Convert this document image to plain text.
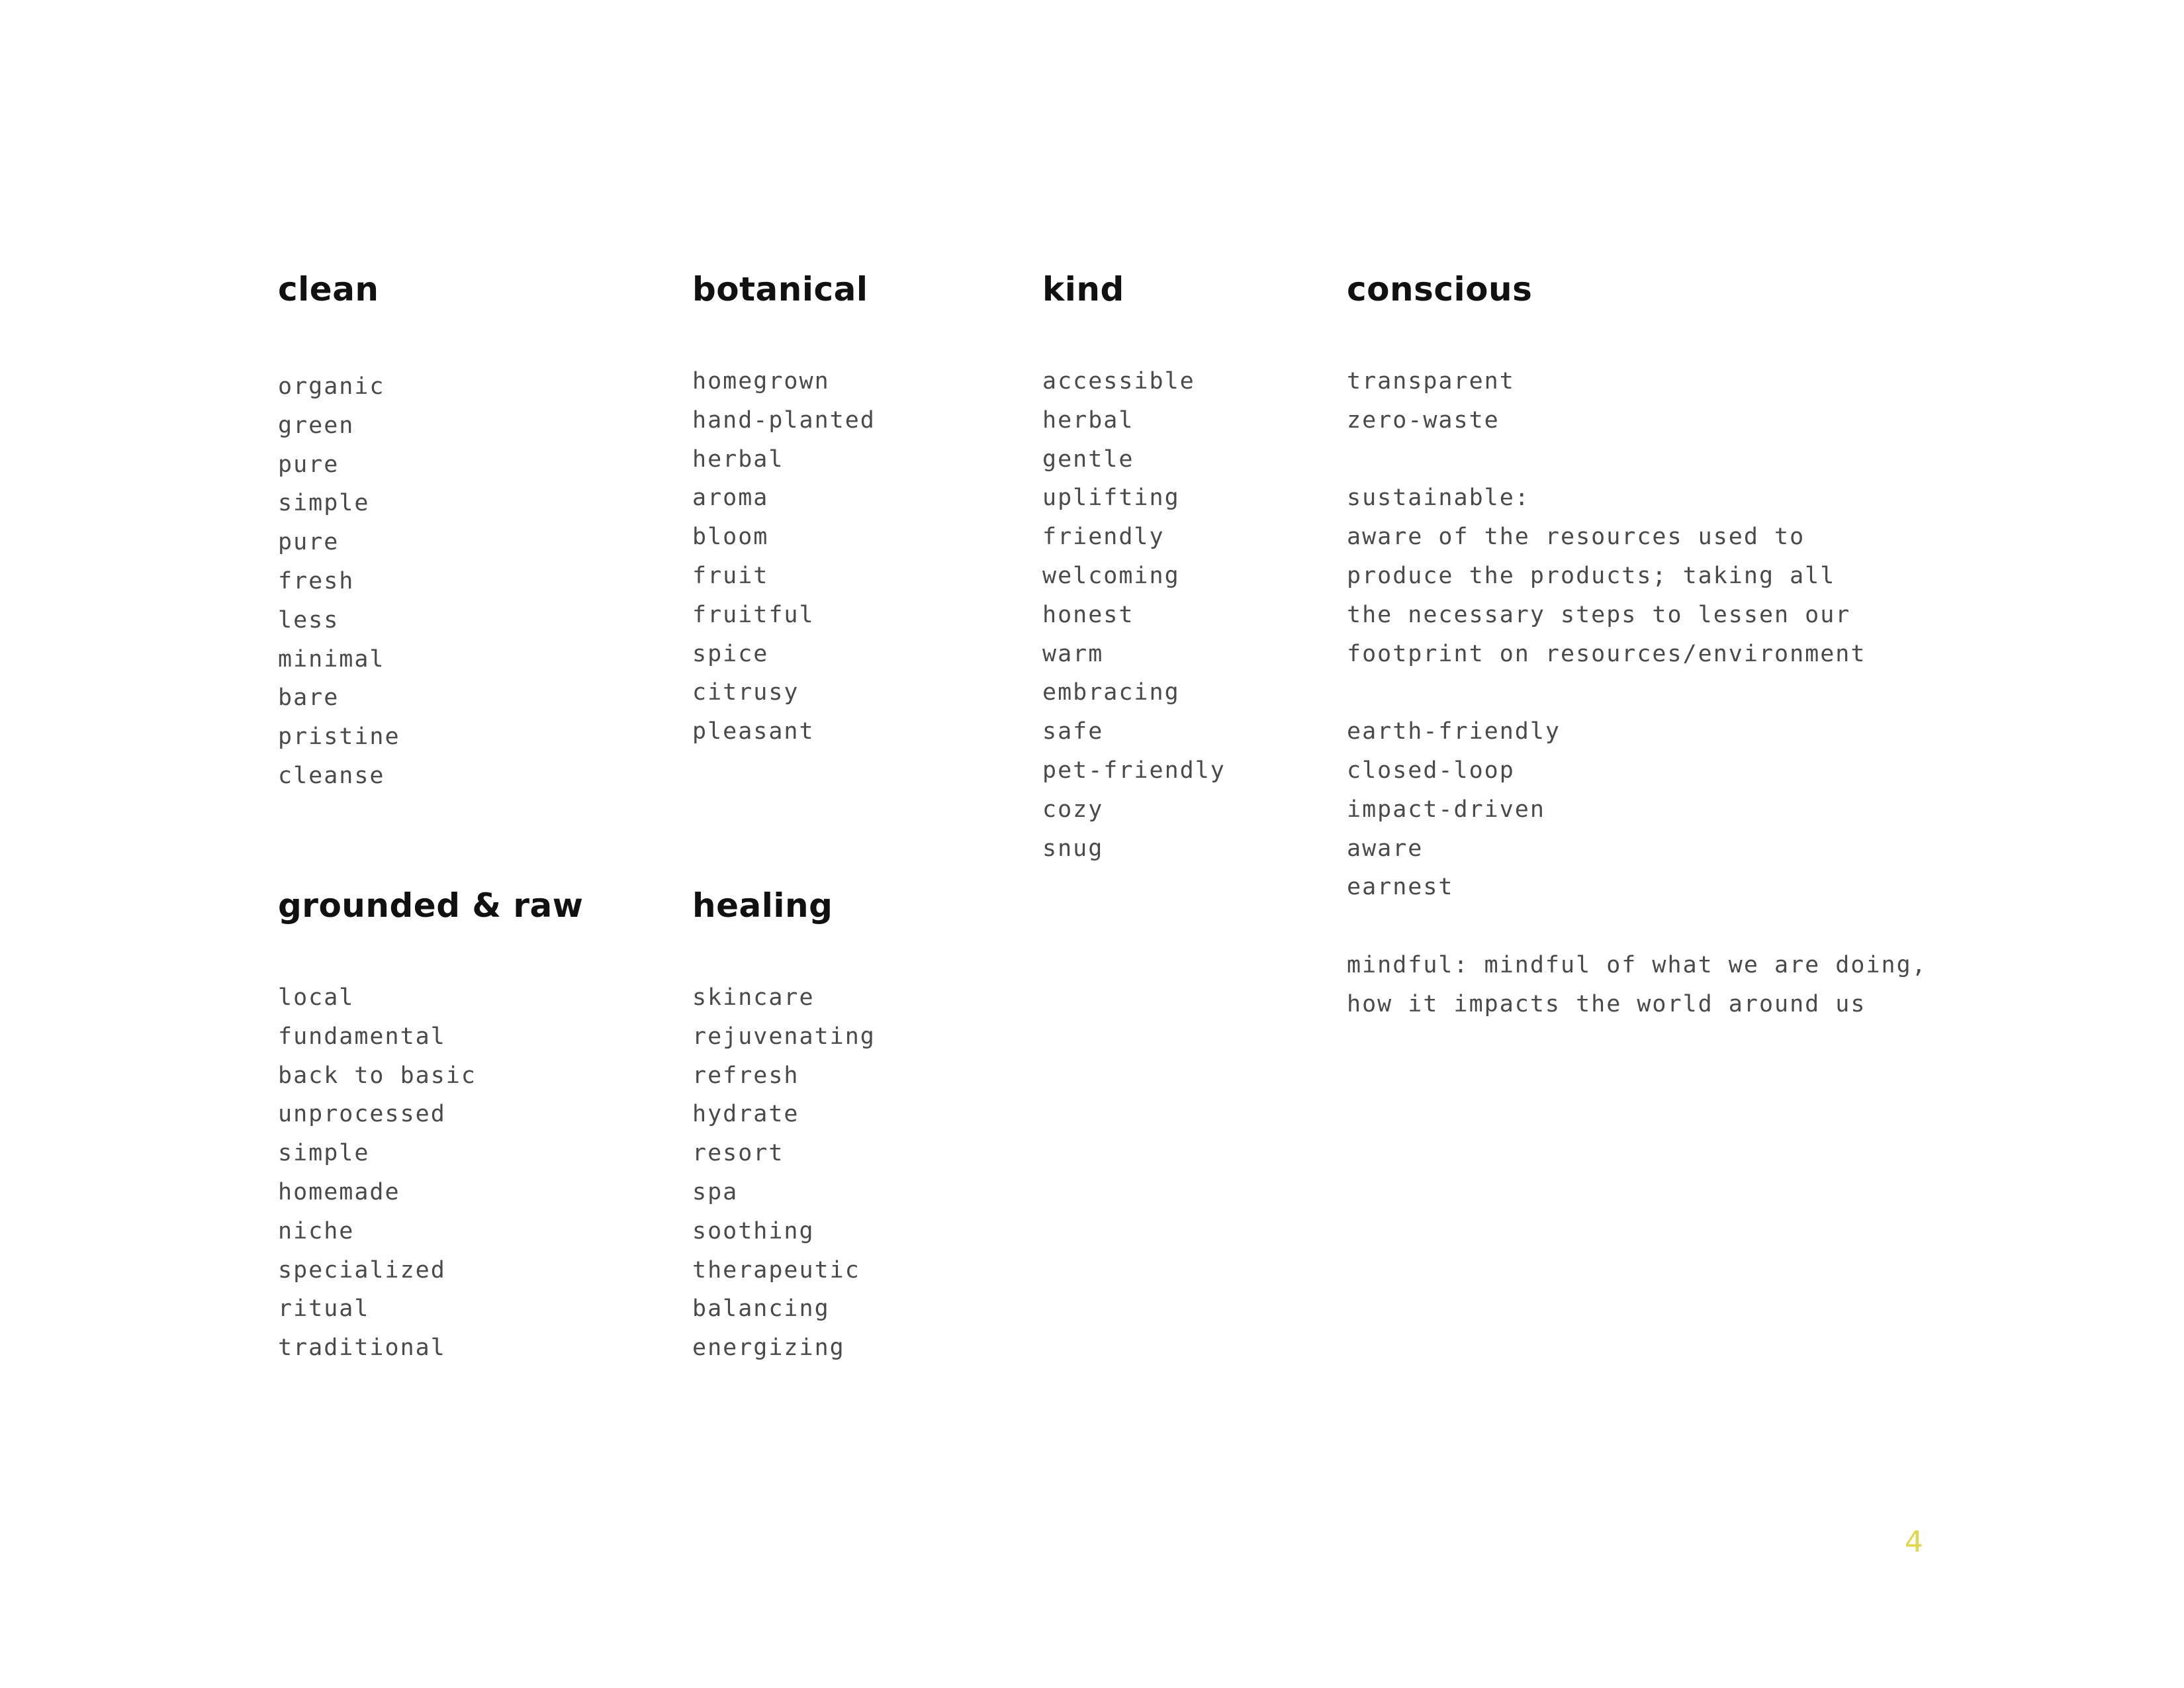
clean
organic
green
pure
simple
pure
fresh
less
minimal
bare
pristine
cleanse
botanical
homegrown
hand-planted
herbal
aroma
bloom
fruit
fruitful
spice
citrusy
pleasant
kind
accessible
herbal
gentle
uplifting
friendly
welcoming
honest
warm
embracing
safe
pet-friendly
cozy
snug
conscious
transparent
zero-waste
sustainable:
aware of the resources used to
produce the products; taking all
the necessary steps to lessen our
footprint on resources/environment
earth-friendly
closed-loop
impact-driven
aware
earnest
mindful: mindful of what we are doing,
how it impacts the world around us
grounded & raw
local
fundamental
back to basic
unprocessed
simple
homemade
niche
specialized
ritual
traditional
healing
skincare
rejuvenating
refresh
hydrate
resort
spa
soothing
therapeutic
balancing
energizing
4
